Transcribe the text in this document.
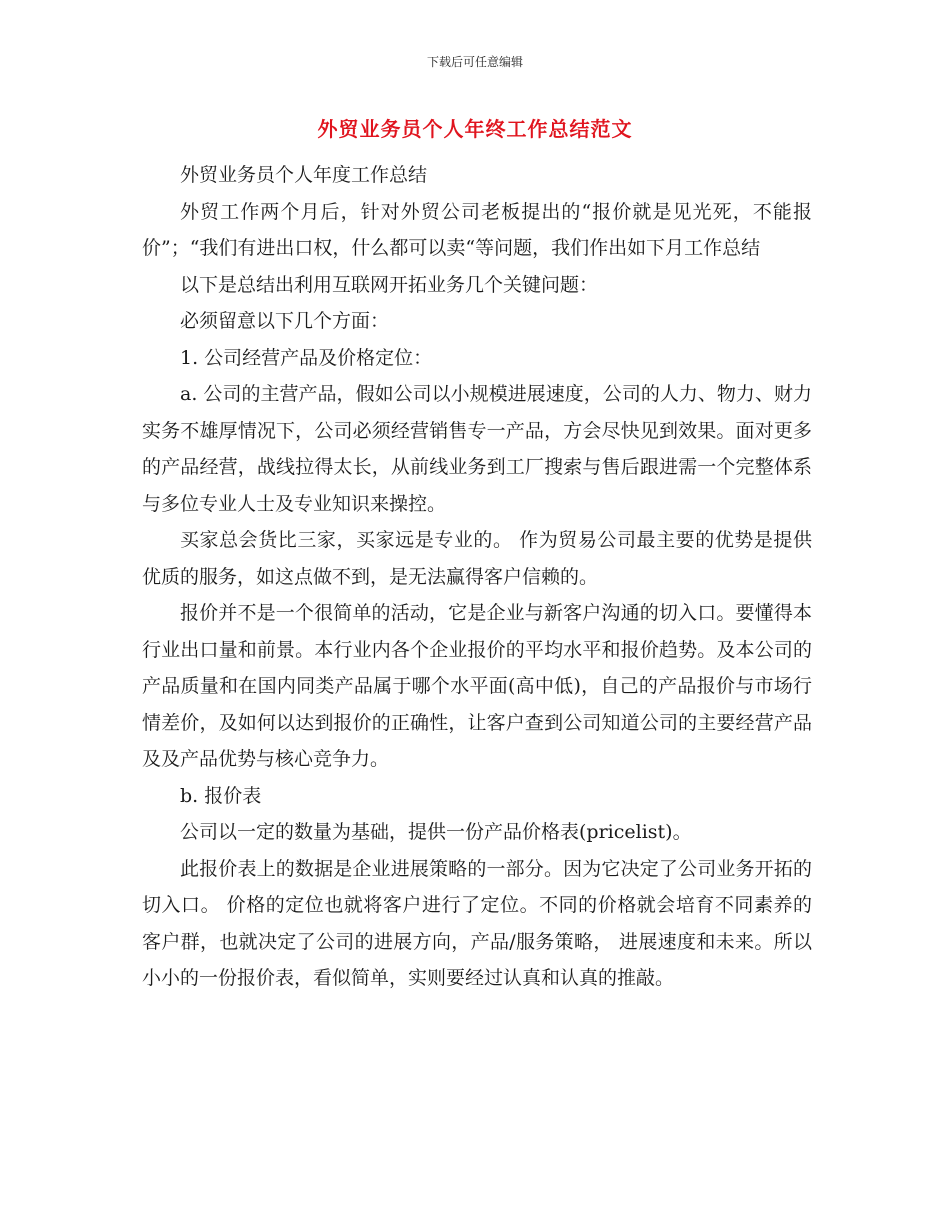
下载后可任意编辑
外贸业务员个人年终工作总结范文

外贸业务员个人年度工作总结

外贸工作两个月后，针对外贸公司老板提出的“报价就是见光死，不能报价”；“我们有进出口权，什么都可以卖“等问题，我们作出如下月工作总结

以下是总结出利用互联网开拓业务几个关键问题：

必须留意以下几个方面：

1. 公司经营产品及价格定位：

a. 公司的主营产品，假如公司以小规模进展速度，公司的人力、物力、财力实务不雄厚情况下，公司必须经营销售专一产品，方会尽快见到效果。面对更多的产品经营，战线拉得太长，从前线业务到工厂搜索与售后跟进需一个完整体系与多位专业人士及专业知识来操控。

买家总会货比三家，买家远是专业的。 作为贸易公司最主要的优势是提供优质的服务，如这点做不到，是无法赢得客户信赖的。

报价并不是一个很简单的活动，它是企业与新客户沟通的切入口。要懂得本行业出口量和前景。本行业内各个企业报价的平均水平和报价趋势。及本公司的产品质量和在国内同类产品属于哪个水平面(高中低)，自己的产品报价与市场行情差价，及如何以达到报价的正确性，让客户查到公司知道公司的主要经营产品及及产品优势与核心竞争力。

b. 报价表

公司以一定的数量为基础，提供一份产品价格表(pricelist)。

此报价表上的数据是企业进展策略的一部分。因为它决定了公司业务开拓的切入口。 价格的定位也就将客户进行了定位。不同的价格就会培育不同素养的客户群，也就决定了公司的进展方向，产品/服务策略， 进展速度和未来。所以小小的一份报价表，看似简单，实则要经过认真和认真的推敲。
